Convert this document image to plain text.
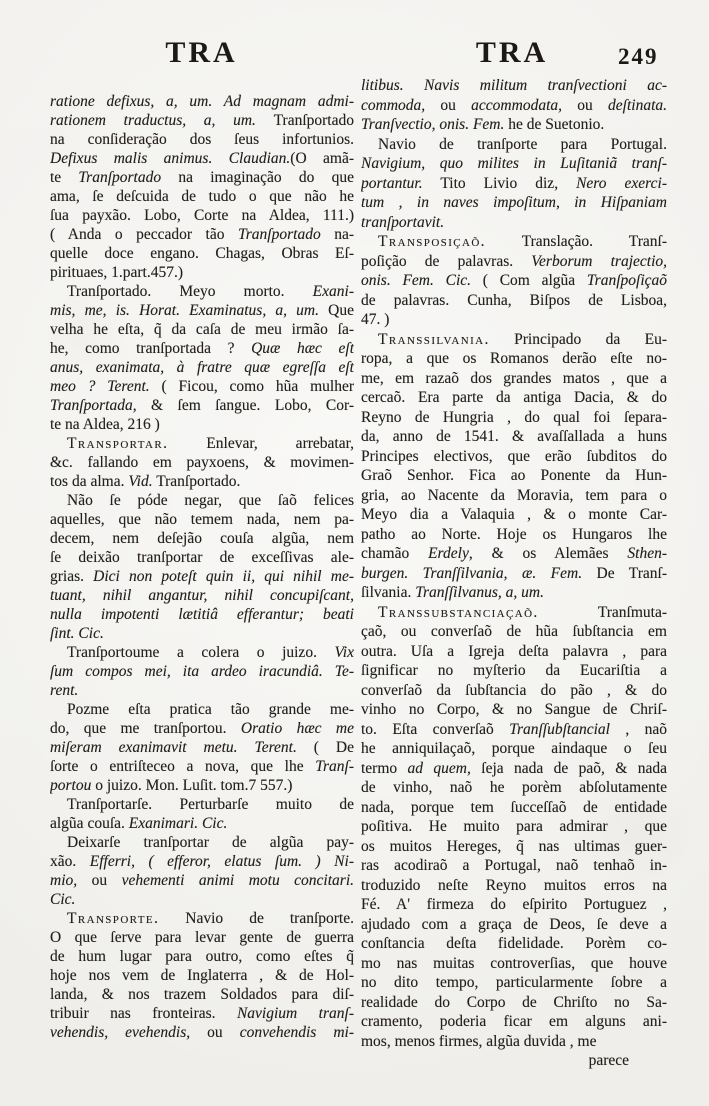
TRA	TRA	249
ratione defixus, a, um. Ad magnam admi-
rationem traductus, a, um. Tranſportado
na conſideração dos ſeus infortunios.
Defixus malis animus. Claudian.(O amã-
te Tranſportado na imaginação do que
ama, ſe deſcuida de tudo o que não he
ſua payxão. Lobo, Corte na Aldea, 111.)
( Anda o peccador tão Tranſportado na-
quelle doce engano. Chagas, Obras Eſ-
pirituaes, 1.part.457.)
Tranſportado. Meyo morto. Exani-
mis, me, is. Horat. Examinatus, a, um. Que
velha he eſta, q̃ da caſa de meu irmão ſa-
he, como tranſportada ? Quæ hæc eſt
anus, exanimata, à fratre quæ egreſſa eſt
meo ? Terent. ( Ficou, como hũa mulher
Tranſportada, & ſem ſangue. Lobo, Cor-
te na Aldea, 216 )
Transportar. Enlevar, arrebatar,
&c. fallando em payxoens, & movimen-
tos da alma. Vid. Tranſportado.
Não ſe póde negar, que ſaõ felices
aquelles, que não temem nada, nem pa-
decem, nem deſejão couſa algũa, nem
ſe deixão tranſportar de exceſſivas ale-
grias. Dici non poteſt quin ii, qui nihil me-
tuant, nihil angantur, nihil concupiſcant,
nulla impotenti lætitiâ efferantur; beati
ſint. Cic.
Tranſportoume a colera o juizo. Vix
ſum compos mei, ita ardeo iracundiâ. Te-
rent.
Pozme eſta pratica tão grande me-
do, que me tranſportou. Oratio hæc me
miſeram exanimavit metu. Terent. ( De
ſorte o entriſteceo a nova, que lhe Tranſ-
portou o juizo. Mon. Luſit. tom.7 557.)
Tranſportarſe. Perturbarſe muito de
algũa couſa. Exanimari. Cic.
Deixarſe tranſportar de algũa pay-
xão. Efferri, ( efferor, elatus ſum. ) Ni-
mio, ou vehementi animi motu concitari.
Cic.
Transporte. Navio de tranſporte.
O que ſerve para levar gente de guerra
de hum lugar para outro, como eſtes q̃
hoje nos vem de Inglaterra , & de Hol-
landa, & nos trazem Soldados para diſ-
tribuir nas fronteiras. Navigium tranſ-
vehendis, evehendis, ou convehendis mi-
litibus. Navis militum tranſvectioni ac-
commoda, ou accommodata, ou deſtinata.
Tranſvectio, onis. Fem. he de Suetonio.
Navio de tranſporte para Portugal.
Navigium, quo milites in Luſitaniã tranſ-
portantur. Tito Livio diz, Nero exerci-
tum , in naves impoſitum, in Hiſpaniam
tranſportavit.
Transposiçaõ. Translação. Tranſ-
poſição de palavras. Verborum trajectio,
onis. Fem. Cic. ( Com algũa Tranſpoſiçaõ
de palavras. Cunha, Biſpos de Lisboa,
47. )
Transsilvania. Principado da Eu-
ropa, a que os Romanos derão eſte no-
me, em razaõ dos grandes matos , que a
cercaõ. Era parte da antiga Dacia, & do
Reyno de Hungria , do qual foi ſepara-
da, anno de 1541. & avaſſallada a huns
Principes electivos, que erão ſubditos do
Graõ Senhor. Fica ao Ponente da Hun-
gria, ao Nacente da Moravia, tem para o
Meyo dia a Valaquia , & o monte Car-
patho ao Norte. Hoje os Hungaros lhe
chamão Erdely, & os Alemães Sthen-
burgen. Tranſſilvania, æ. Fem. De Tranſ-
ſilvania. Tranſſilvanus, a, um.
Transsubstanciaçaõ. Tranſmuta-
çaõ, ou converſaõ de hũa ſubſtancia em
outra. Uſa a Igreja deſta palavra , para
ſignificar no myſterio da Eucariſtia a
converſaõ da ſubſtancia do pão , & do
vinho no Corpo, & no Sangue de Chriſ-
to. Eſta converſaõ Tranſſubſtancial , naõ
he anniquilaçaõ, porque aindaque o ſeu
termo ad quem, ſeja nada de paõ, & nada
de vinho, naõ he porèm abſolutamente
nada, porque tem ſucceſſaõ de entidade
poſitiva. He muito para admirar , que
os muitos Hereges, q̃ nas ultimas guer-
ras acodiraõ a Portugal, naõ tenhaõ in-
troduzido neſte Reyno muitos erros na
Fé. A' firmeza do eſpirito Portuguez ,
ajudado com a graça de Deos, ſe deve a
conſtancia deſta fidelidade. Porèm co-
mo nas muitas controverſias, que houve
no dito tempo, particularmente ſobre a
realidade do Corpo de Chriſto no Sa-
cramento, poderia ficar em alguns ani-
mos, menos firmes, algũa duvida , me
parece
